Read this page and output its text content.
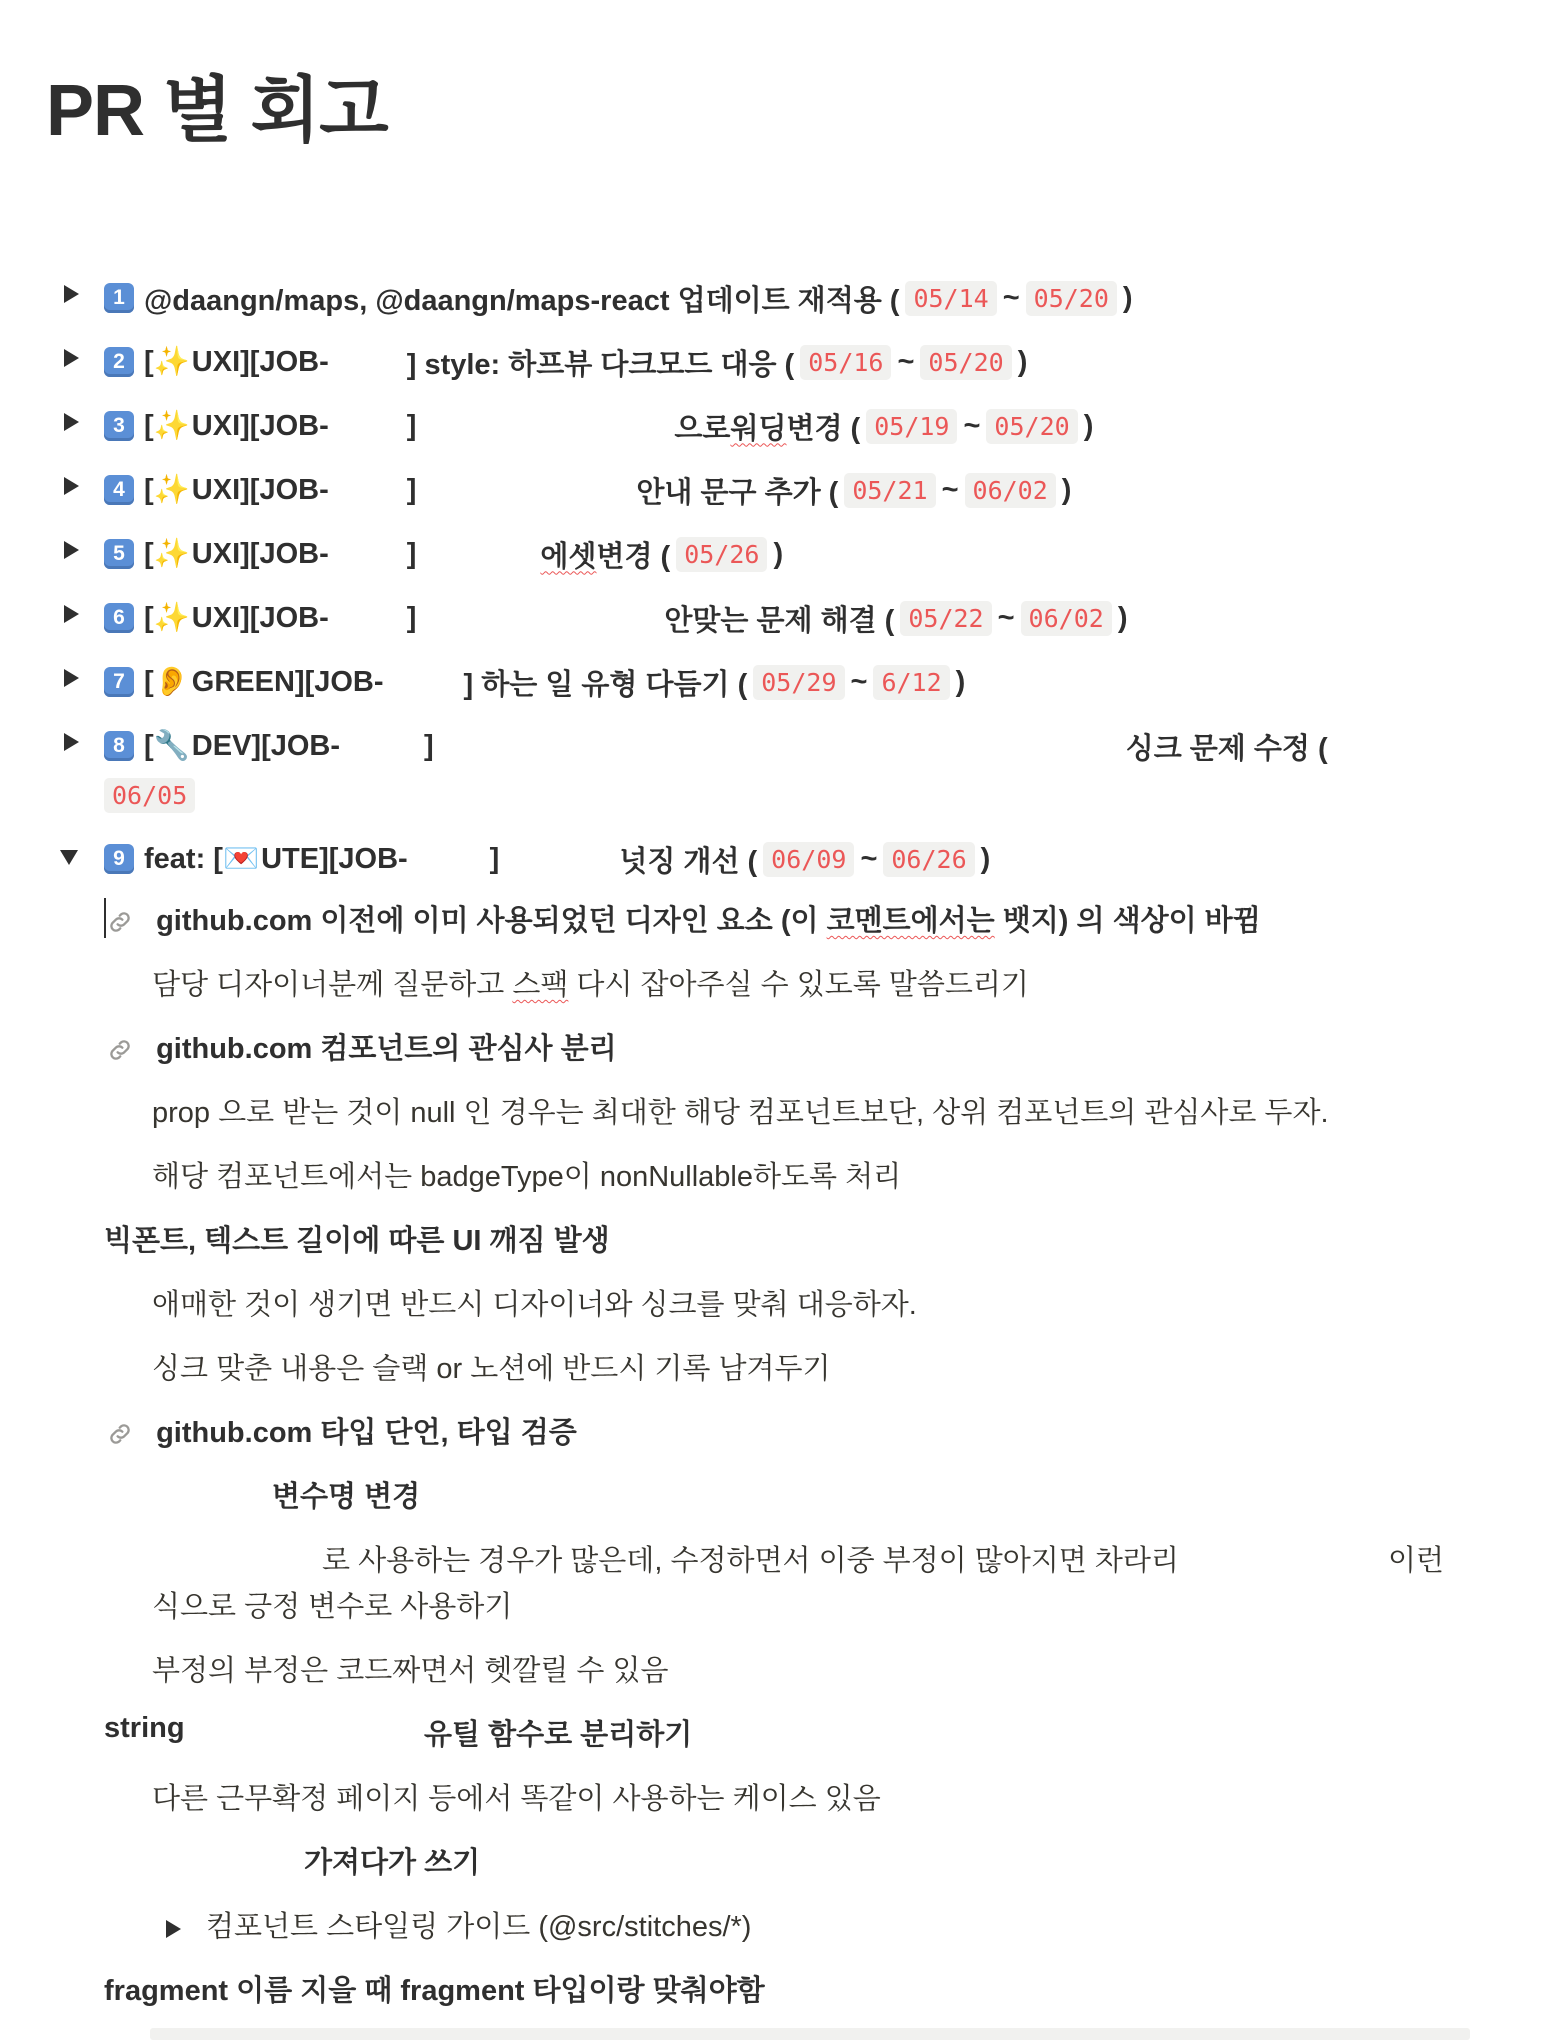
PR 별 회고
1 @daangn/maps, @daangn/maps-react 업데이트 재적용 ( 05/14 ~ 05/20 )
2 [ ✨ UXI][JOB-	] style: 하프뷰 다크모드 대응 ( 05/16 ~ 05/20 )
3 [ ✨ UXI][JOB-	]	으로 워딩 변경 ( 05/19 ~ 05/20 )
4 [ ✨ UXI][JOB-	]	안내 문구 추가 ( 05/21 ~ 06/02 )
5 [ ✨ UXI][JOB-	]	에셋 변경 ( 05/26 )
6 [ ✨ UXI][JOB-	]	안맞는 문제 해결 ( 05/22 ~ 06/02 )
7 [ 👂 GREEN][JOB-	] 하는 일 유형 다듬기 ( 05/29 ~ 6/12 )
8 [ 🔧 DEV][JOB-	]	싱크 문제 수정 (
06/05
9 feat: [ 💌 UTE][JOB-	]	넛징 개선 ( 06/09 ~ 06/26 )
github.com 이전에 이미 사용되었던 디자인 요소 (이 코멘트에서는 뱃지) 의 색상이 바뀜
담당 디자이너분께 질문하고 스팩 다시 잡아주실 수 있도록 말씀드리기
github.com 컴포넌트의 관심사 분리
prop 으로 받는 것이 null 인 경우는 최대한 해당 컴포넌트보단, 상위 컴포넌트의 관심사로 두자.
해당 컴포넌트에서는 badgeType이 nonNullable하도록 처리
빅폰트, 텍스트 길이에 따른 UI 깨짐 발생
애매한 것이 생기면 반드시 디자이너와 싱크를 맞춰 대응하자.
싱크 맞춘 내용은 슬랙 or 노션에 반드시 기록 남겨두기
github.com 타입 단언, 타입 검증
변수명 변경
로 사용하는 경우가 많은데, 수정하면서 이중 부정이 많아지면 차라리	이런
식으로 긍정 변수로 사용하기
부정의 부정은 코드짜면서 헷깔릴 수 있음
string	유틸 함수로 분리하기
다른 근무확정 페이지 등에서 똑같이 사용하는 케이스 있음
가져다가 쓰기
컴포넌트 스타일링 가이드 (@src/stitches/*)
fragment 이름 지을 때 fragment 타입이랑 맞춰야함
